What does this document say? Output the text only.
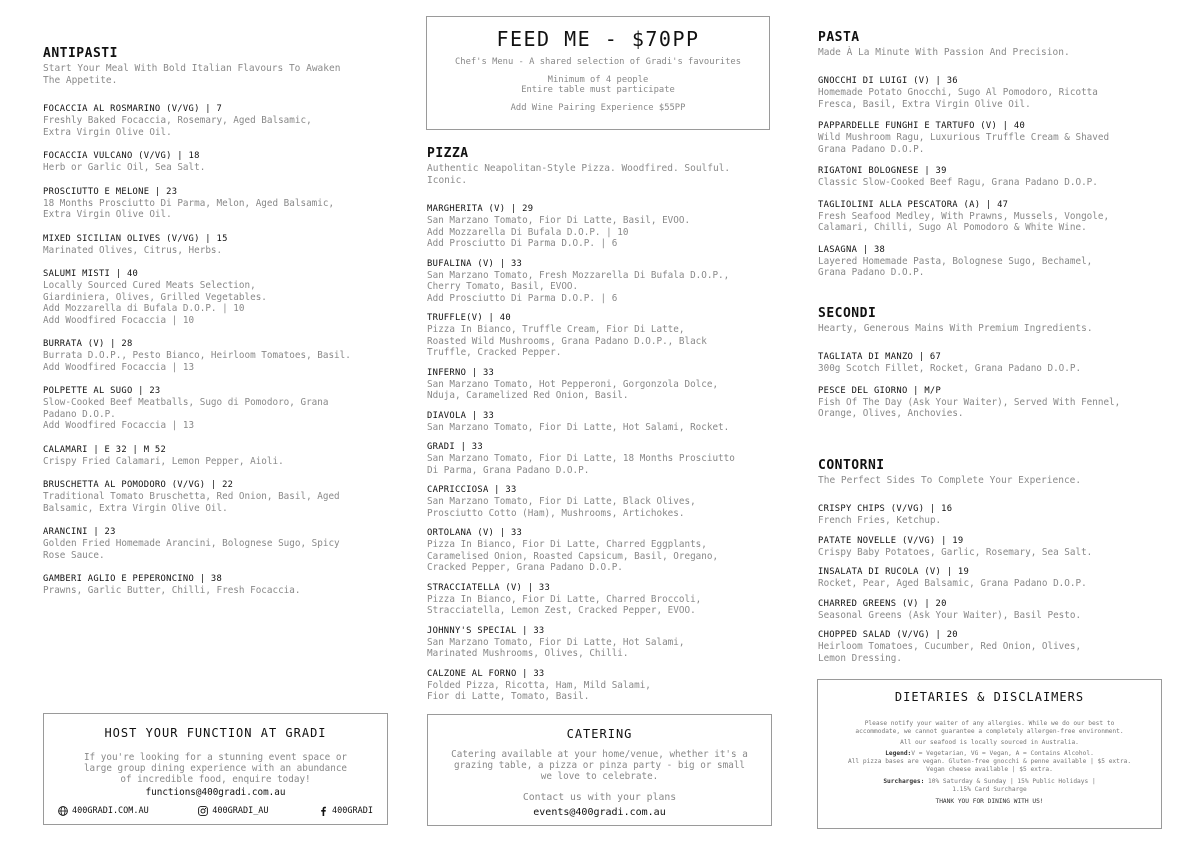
ANTIPASTI
Start Your Meal With Bold Italian Flavours To Awaken
The Appetite.
FOCACCIA AL ROSMARINO (V/VG) | 7
Freshly Baked Focaccia, Rosemary, Aged Balsamic,
Extra Virgin Olive Oil.
FOCACCIA VULCANO (V/VG) | 18
Herb or Garlic Oil, Sea Salt.
PROSCIUTTO E MELONE | 23
18 Months Prosciutto Di Parma, Melon, Aged Balsamic,
Extra Virgin Olive Oil.
MIXED SICILIAN OLIVES (V/VG) | 15
Marinated Olives, Citrus, Herbs.
SALUMI MISTI | 40
Locally Sourced Cured Meats Selection,
Giardiniera, Olives, Grilled Vegetables.
Add Mozzarella di Bufala D.O.P. | 10
Add Woodfired Focaccia | 10
BURRATA (V) | 28
Burrata D.O.P., Pesto Bianco, Heirloom Tomatoes, Basil.
Add Woodfired Focaccia | 13
POLPETTE AL SUGO | 23
Slow-Cooked Beef Meatballs, Sugo di Pomodoro, Grana
Padano D.O.P.
Add Woodfired Focaccia | 13
CALAMARI | E 32 | M 52
Crispy Fried Calamari, Lemon Pepper, Aioli.
BRUSCHETTA AL POMODORO (V/VG) | 22
Traditional Tomato Bruschetta, Red Onion, Basil, Aged
Balsamic, Extra Virgin Olive Oil.
ARANCINI | 23
Golden Fried Homemade Arancini, Bolognese Sugo, Spicy
Rose Sauce.
GAMBERI AGLIO E PEPERONCINO | 38
Prawns, Garlic Butter, Chilli, Fresh Focaccia.
FEED ME - $70PP
Chef's Menu - A shared selection of Gradi's favourites
Minimum of 4 people
Entire table must participate
Add Wine Pairing Experience $55PP
PIZZA
Authentic Neapolitan-Style Pizza. Woodfired. Soulful.
Iconic.
MARGHERITA (V) | 29
San Marzano Tomato, Fior Di Latte, Basil, EVOO.
Add Mozzarella Di Bufala D.O.P. | 10
Add Prosciutto Di Parma D.O.P. | 6
BUFALINA (V) | 33
San Marzano Tomato, Fresh Mozzarella Di Bufala D.O.P.,
Cherry Tomato, Basil, EVOO.
Add Prosciutto Di Parma D.O.P. | 6
TRUFFLE(V) | 40
Pizza In Bianco, Truffle Cream, Fior Di Latte,
Roasted Wild Mushrooms, Grana Padano D.O.P., Black
Truffle, Cracked Pepper.
INFERNO | 33
San Marzano Tomato, Hot Pepperoni, Gorgonzola Dolce,
Nduja, Caramelized Red Onion, Basil.
DIAVOLA | 33
San Marzano Tomato, Fior Di Latte, Hot Salami, Rocket.
GRADI | 33
San Marzano Tomato, Fior Di Latte, 18 Months Prosciutto
Di Parma, Grana Padano D.O.P.
CAPRICCIOSA | 33
San Marzano Tomato, Fior Di Latte, Black Olives,
Prosciutto Cotto (Ham), Mushrooms, Artichokes.
ORTOLANA (V) | 33
Pizza In Bianco, Fior Di Latte, Charred Eggplants,
Caramelised Onion, Roasted Capsicum, Basil, Oregano,
Cracked Pepper, Grana Padano D.O.P.
STRACCIATELLA (V) | 33
Pizza In Bianco, Fior Di Latte, Charred Broccoli,
Stracciatella, Lemon Zest, Cracked Pepper, EVOO.
JOHNNY'S SPECIAL | 33
San Marzano Tomato, Fior Di Latte, Hot Salami,
Marinated Mushrooms, Olives, Chilli.
CALZONE AL FORNO | 33
Folded Pizza, Ricotta, Ham, Mild Salami,
Fior di Latte, Tomato, Basil.
PASTA
Made À La Minute With Passion And Precision.
GNOCCHI DI LUIGI (V) | 36
Homemade Potato Gnocchi, Sugo Al Pomodoro, Ricotta
Fresca, Basil, Extra Virgin Olive Oil.
PAPPARDELLE FUNGHI E TARTUFO (V) | 40
Wild Mushroom Ragu, Luxurious Truffle Cream & Shaved
Grana Padano D.O.P.
RIGATONI BOLOGNESE | 39
Classic Slow-Cooked Beef Ragu, Grana Padano D.O.P.
TAGLIOLINI ALLA PESCATORA (A) | 47
Fresh Seafood Medley, With Prawns, Mussels, Vongole,
Calamari, Chilli, Sugo Al Pomodoro & White Wine.
LASAGNA | 38
Layered Homemade Pasta, Bolognese Sugo, Bechamel,
Grana Padano D.O.P.
SECONDI
Hearty, Generous Mains With Premium Ingredients.
TAGLIATA DI MANZO | 67
300g Scotch Fillet, Rocket, Grana Padano D.O.P.
PESCE DEL GIORNO | M/P
Fish Of The Day (Ask Your Waiter), Served With Fennel,
Orange, Olives, Anchovies.
CONTORNI
The Perfect Sides To Complete Your Experience.
CRISPY CHIPS (V/VG) | 16
French Fries, Ketchup.
PATATE NOVELLE (V/VG) | 19
Crispy Baby Potatoes, Garlic, Rosemary, Sea Salt.
INSALATA DI RUCOLA (V) | 19
Rocket, Pear, Aged Balsamic, Grana Padano D.O.P.
CHARRED GREENS (V) | 20
Seasonal Greens (Ask Your Waiter), Basil Pesto.
CHOPPED SALAD (V/VG) | 20
Heirloom Tomatoes, Cucumber, Red Onion, Olives,
Lemon Dressing.
HOST YOUR FUNCTION AT GRADI
If you're looking for a stunning event space or
large group dining experience with an abundance
of incredible food, enquire today!
functions@400gradi.com.au
400GRADI.COM.AU	400GRADI_AU	400GRADI
CATERING
Catering available at your home/venue, whether it's a
grazing table, a pizza or pinza party - big or small
we love to celebrate.
Contact us with your plans
events@400gradi.com.au
DIETARIES & DISCLAIMERS
Please notify your waiter of any allergies. While we do our best to
accommodate, we cannot guarantee a completely allergen-free environment.
All our seafood is locally sourced in Australia.
Legend:V = Vegetarian, VG = Vegan, A = Contains Alcohol.
All pizza bases are vegan. Gluten-free gnocchi & penne available | $5 extra.
Vegan cheese available | $5 extra.
Surcharges: 10% Saturday & Sunday | 15% Public Holidays |
1.15% Card Surcharge
THANK YOU FOR DINING WITH US!
